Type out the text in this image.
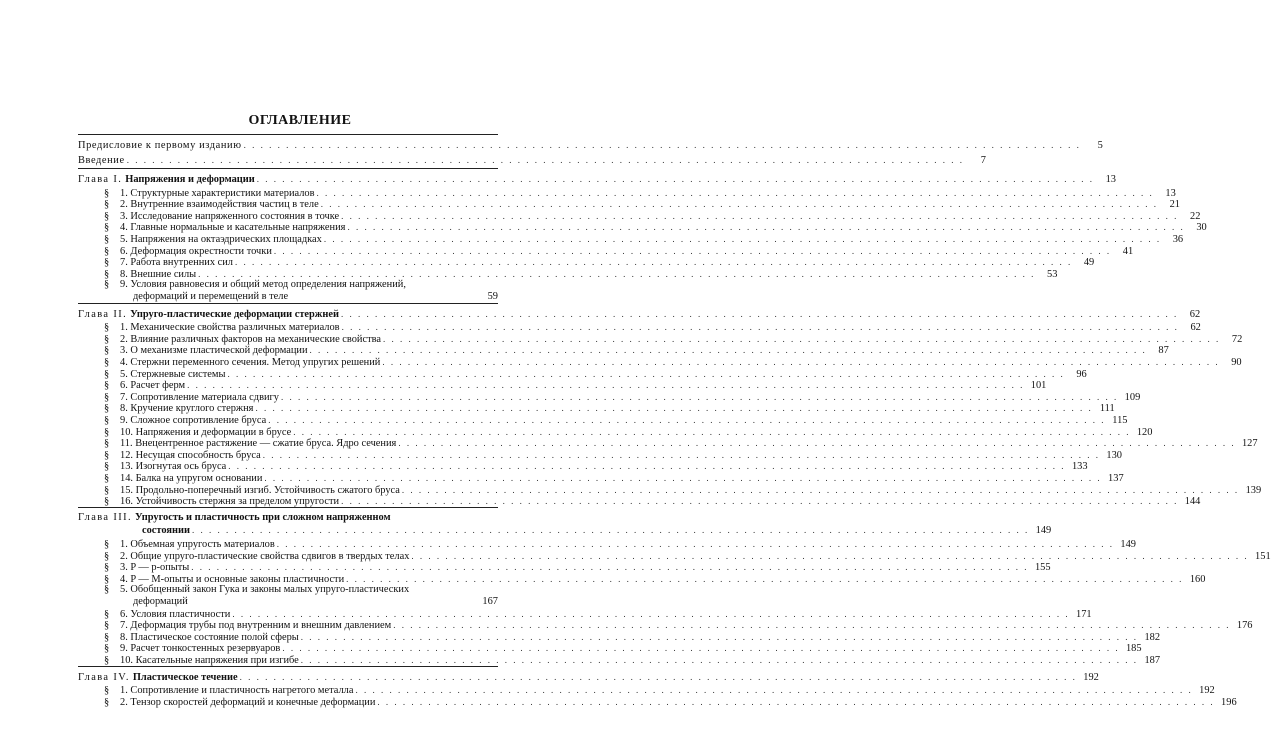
ОГЛАВЛЕНИЕ
Предисловие к первому изданию . . .	5
Введение . . .	7
Глава I. Напряжения и деформации . . .	13
§	1. Структурные характеристики материалов . . .	13
§	2. Внутренние взаимодействия частиц в теле . . .	21
§	3. Исследование напряженного состояния в точке . . .	22
§	4. Главные нормальные и касательные напряжения . . .	30
§	5. Напряжения на октаэдрических площадках . . .	36
§	6. Деформация окрестности точки . . .	41
§	7. Работа внутренних сил . . .	49
§	8. Внешние силы . . .	53
§	9. Условия равновесия и общий метод определения напряжений,
деформаций и перемещений в теле	59
Глава II. Упруго-пластические деформации стержней . . .	62
§	1. Механические свойства различных материалов . . .	62
§	2. Влияние различных факторов на механические свойства . . .	72
§	3. О механизме пластической деформации . . .	87
§	4. Стержни переменного сечения. Метод упругих решений . . .	90
§	5. Стержневые системы . . .	96
§	6. Расчет ферм . . .	101
§	7. Сопротивление материала сдвигу . . .	109
§	8. Кручение круглого стержня . . .	111
§	9. Сложное сопротивление бруса . . .	115
§	10. Напряжения и деформации в брусе . . .	120
§	11. Внецентренное растяжение — сжатие бруса. Ядро сечения . . .	127
§	12. Несущая способность бруса . . .	130
§	13. Изогнутая ось бруса . . .	133
§	14. Балка на упругом основании . . .	137
§	15. Продольно-поперечный изгиб. Устойчивость сжатого бруса . . .	139
§	16. Устойчивость стержня за пределом упругости . . .	144
Глава III. Упругость и пластичность при сложном напряженном
состоянии . . .	149
§	1. Объемная упругость материалов . . .	149
§	2. Общие упруго-пластические свойства сдвигов в твердых телах . . .	151
§	3. P — p-опыты . . .	155
§	4. P — M-опыты и основные законы пластичности . . .	160
§	5. Обобщенный закон Гука и законы малых упруго-пластических
деформаций	167
§	6. Условия пластичности . . .	171
§	7. Деформация трубы под внутренним и внешним давлением . . .	176
§	8. Пластическое состояние полой сферы . . .	182
§	9. Расчет тонкостенных резервуаров . . .	185
§	10. Касательные напряжения при изгибе . . .	187
Глава IV. Пластическое течение . . .	192
§	1. Сопротивление и пластичность нагретого металла . . .	192
§	2. Тензор скоростей деформаций и конечные деформации . . .	196
